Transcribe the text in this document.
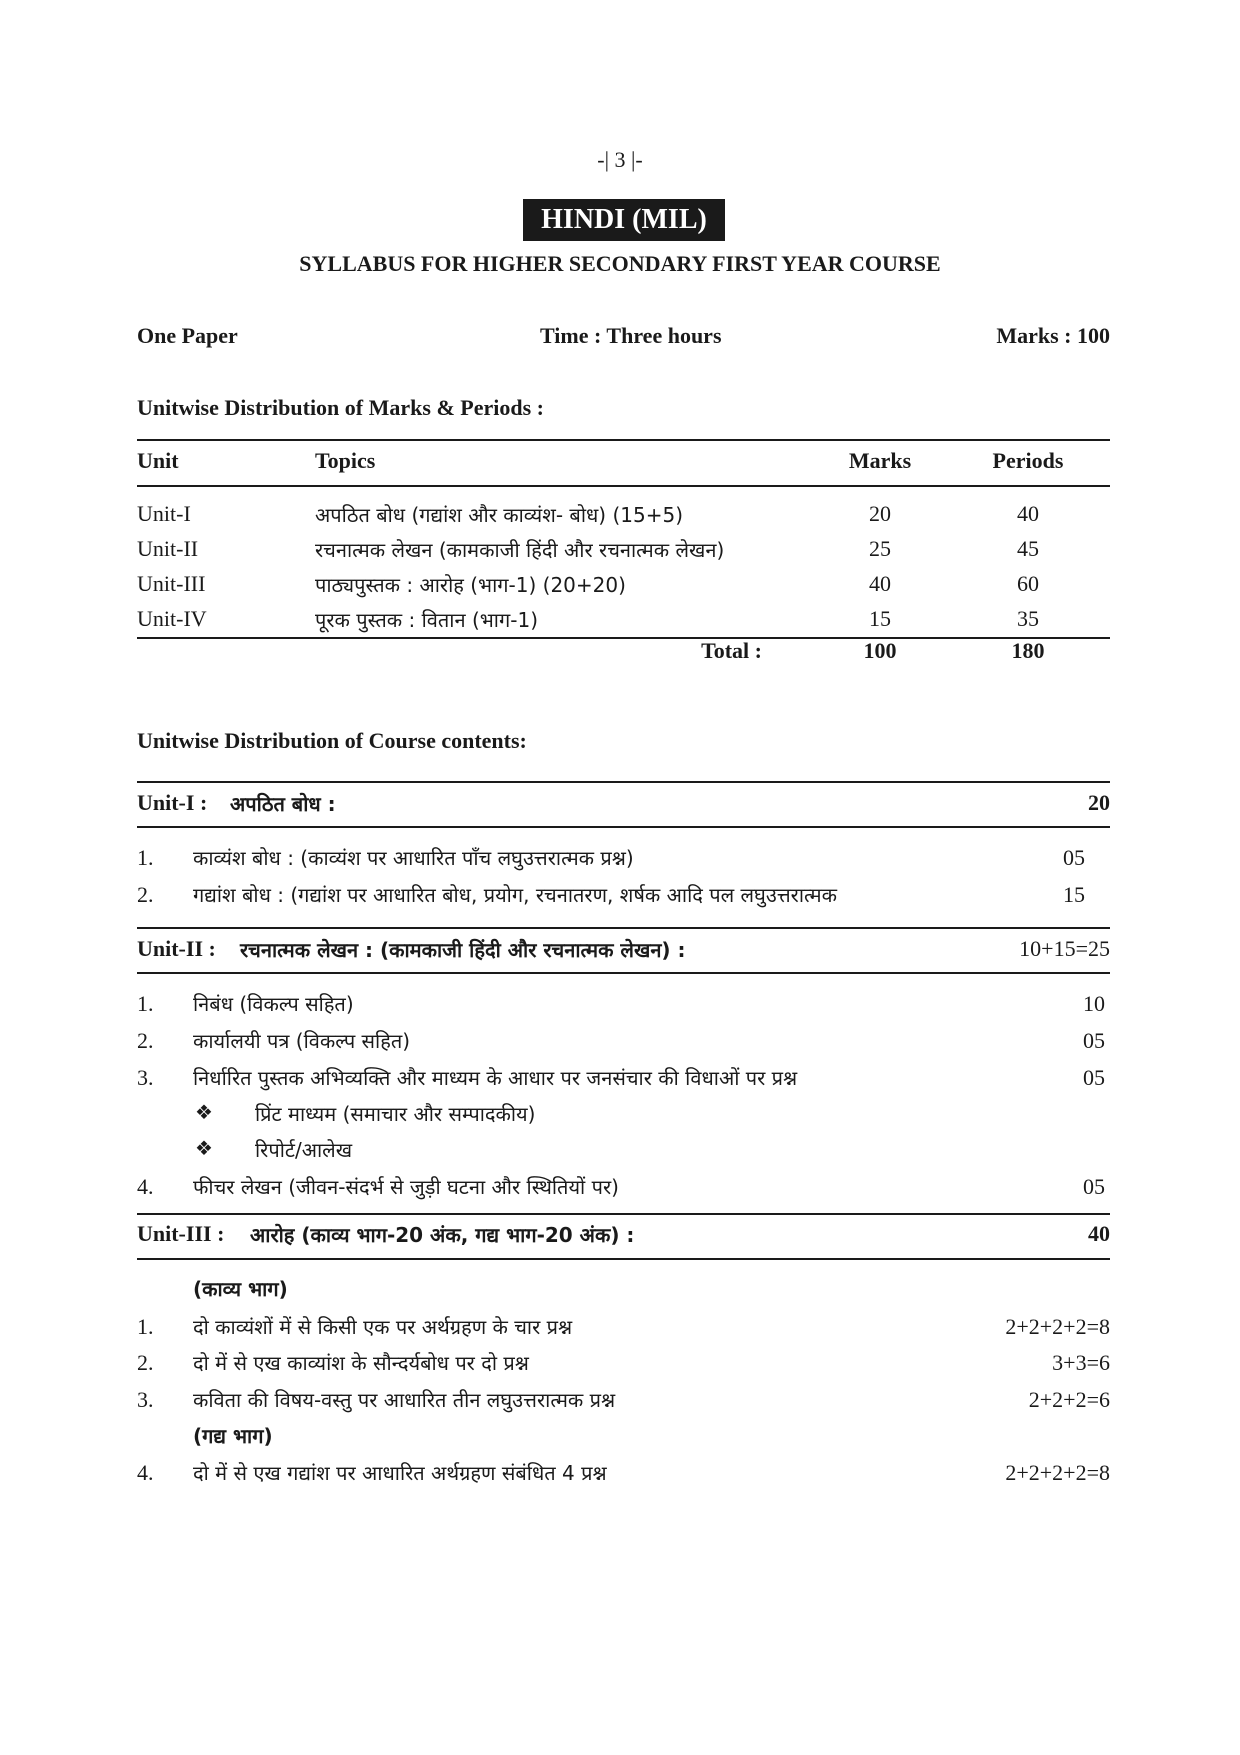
-| 3 |-
HINDI (MIL)
SYLLABUS FOR HIGHER SECONDARY FIRST YEAR COURSE
One Paper	Time : Three hours	Marks : 100
Unitwise Distribution of Marks & Periods :
Unit	Topics	Marks	Periods
Unit-I	अपठित बोध (गद्यांश और काव्यंश- बोध) (15+5)	20	40
Unit-II	रचनात्मक लेखन (कामकाजी हिंदी और रचनात्मक लेखन)	25	45
Unit-III	पाठ्यपुस्तक : आरोह (भाग-1) (20+20)	40	60
Unit-IV	पूरक पुस्तक : वितान (भाग-1)	15	35
Total :	100	180
Unitwise Distribution of Course contents:
Unit-I : अपठित बोध :	20
1. काव्यंश बोध : (काव्यंश पर आधारित पाँच लघुउत्तरात्मक प्रश्न)	05
2. गद्यांश बोध : (गद्यांश पर आधारित बोध, प्रयोग, रचनातरण, शर्षक आदि पल लघुउत्तरात्मक	15
Unit-II : रचनात्मक लेखन : (कामकाजी हिंदी और रचनात्मक लेखन) :	10+15=25
1. निबंध (विकल्प सहित)	10
2. कार्यालयी पत्र (विकल्प सहित)	05
3. निर्धारित पुस्तक अभिव्यक्ति और माध्यम के आधार पर जनसंचार की विधाओं पर प्रश्न	05
❖ प्रिंट माध्यम (समाचार और सम्पादकीय)
❖ रिपोर्ट/आलेख
4. फीचर लेखन (जीवन-संदर्भ से जुड़ी घटना और स्थितियों पर)	05
Unit-III : आरोह (काव्य भाग-20 अंक, गद्य भाग-20 अंक) :	40
(काव्य भाग)
1. दो काव्यंशों में से किसी एक पर अर्थग्रहण के चार प्रश्न	2+2+2+2=8
2. दो में से एख काव्यांश के सौन्दर्यबोध पर दो प्रश्न	3+3=6
3. कविता की विषय-वस्तु पर आधारित तीन लघुउत्तरात्मक प्रश्न	2+2+2=6
(गद्य भाग)
4. दो में से एख गद्यांश पर आधारित अर्थग्रहण संबंधित 4 प्रश्न	2+2+2+2=8
